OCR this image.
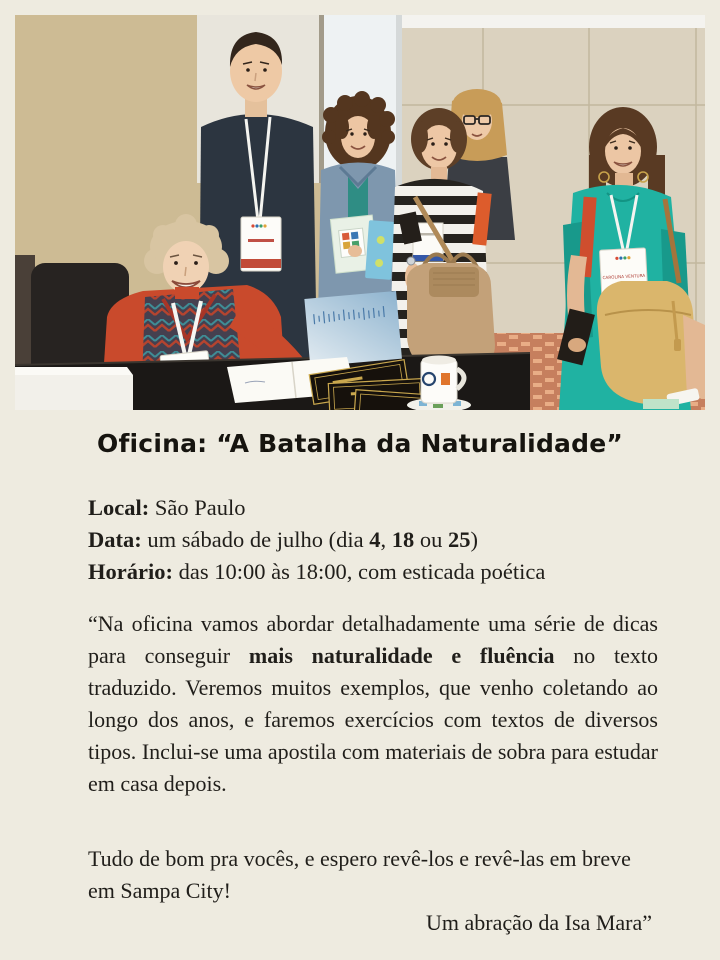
CAROLINA VENTURA
Oficina: “A Batalha da Naturalidade”
Local: São Paulo
Data: um sábado de julho (dia 4, 18 ou 25)
Horário: das 10:00 às 18:00, com esticada poética
“Na oficina vamos abordar detalhadamente uma série de dicas para conseguir mais naturalidade e fluência no texto traduzido. Veremos muitos exemplos, que venho coletando ao longo dos anos, e faremos exercícios com textos de diversos tipos. Inclui-se uma apostila com materiais de sobra para estudar em casa depois.
Tudo de bom pra vocês, e espero revê-los e revê-las em breve em Sampa City!
Um abração da Isa Mara”
